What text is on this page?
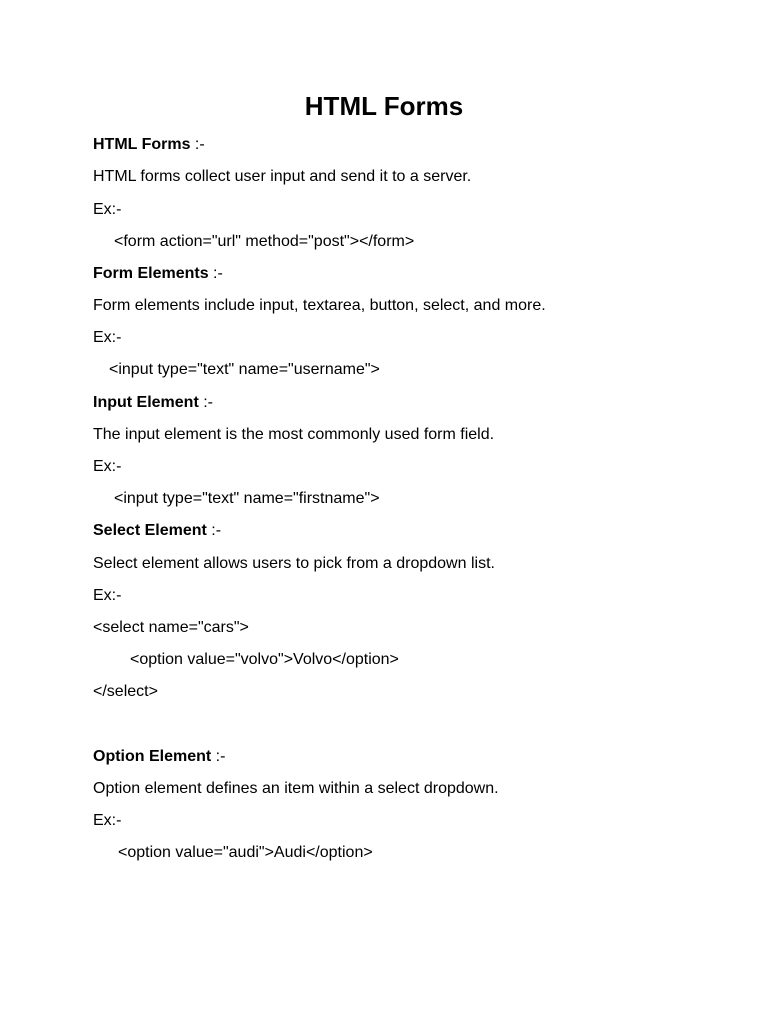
HTML Forms
HTML Forms :-
HTML forms collect user input and send it to a server.
Ex:-
<form action="url" method="post"></form>
Form Elements :-
Form elements include input, textarea, button, select, and more.
Ex:-
<input type="text" name="username">
Input Element :-
The input element is the most commonly used form field.
Ex:-
<input type="text" name="firstname">
Select Element :-
Select element allows users to pick from a dropdown list.
Ex:-
<select name="cars">
<option value="volvo">Volvo</option>
</select>
Option Element :-
Option element defines an item within a select dropdown.
Ex:-
<option value="audi">Audi</option>
